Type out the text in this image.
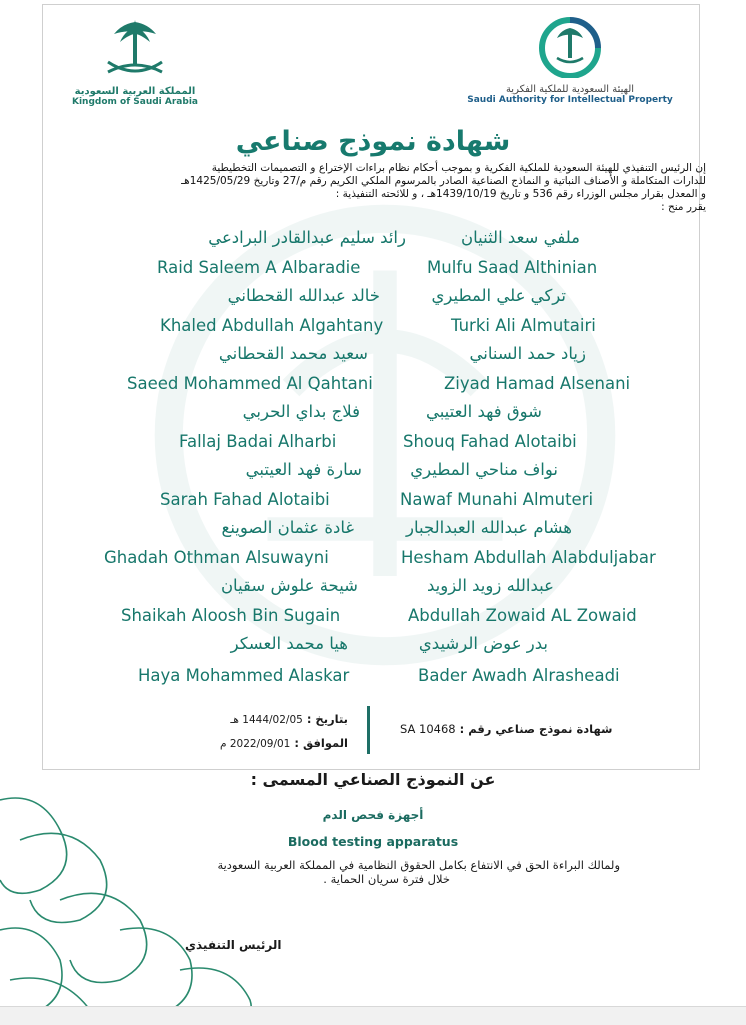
المملكة العربية السعودية
Kingdom of Saudi Arabia
الهيئة السعودية للملكية الفكرية
Saudi Authority for Intellectual Property
شهادة نموذج صناعي
إن الرئيس التنفيذي للهيئة السعودية للملكية الفكرية و بموجب أحكام نظام براءات الإختراع و التصميمات التخطيطية
للدارات المتكاملة و الأصناف النباتية و النماذج الصناعية الصادر بالمرسوم الملكي الكريم رقم م/27 وتاريخ 1425/05/29هـ
و المعدل بقرار مجلس الوزراء رقم 536 و تاريخ 1439/10/19هـ ، و للائحته التنفيذية :
يقرر منح :
ملفي سعد الثنيان
رائد سليم عبدالقادر البرادعي
Mulfu Saad Althinian
Raid Saleem A Albaradie
تركي علي المطيري
خالد عبدالله القحطاني
Turki Ali Almutairi
Khaled Abdullah Algahtany
زياد حمد السناني
سعيد محمد القحطاني
Ziyad Hamad Alsenani
Saeed Mohammed Al Qahtani
شوق فهد العتيبي
فلاج بداي الحربي
Shouq Fahad Alotaibi
Fallaj Badai Alharbi
نواف مناحي المطيري
سارة فهد العيتبي
Nawaf Munahi Almuteri
Sarah Fahad Alotaibi
هشام عبدالله العبدالجبار
غادة عثمان الصوينع
Hesham Abdullah Alabduljabar
Ghadah Othman Alsuwayni
عبدالله زويد الزويد
شيحة علوش سقيان
Abdullah Zowaid AL Zowaid
Shaikah Aloosh Bin Sugain
بدر عوض الرشيدي
هيا محمد العسكر
Bader Awadh Alrasheadi
Haya Mohammed Alaskar
شهادة نموذج صناعي رقم : SA 10468
بتاريخ : 1444/02/05 هـ
الموافق : 2022/09/01 م
عن النموذج الصناعي المسمى :
أجهزة فحص الدم
Blood testing apparatus
ولمالك البراءة الحق في الانتفاع بكامل الحقوق النظامية في المملكة العربية السعودية
خلال فترة سريان الحماية .
الرئيس التنفيذي
